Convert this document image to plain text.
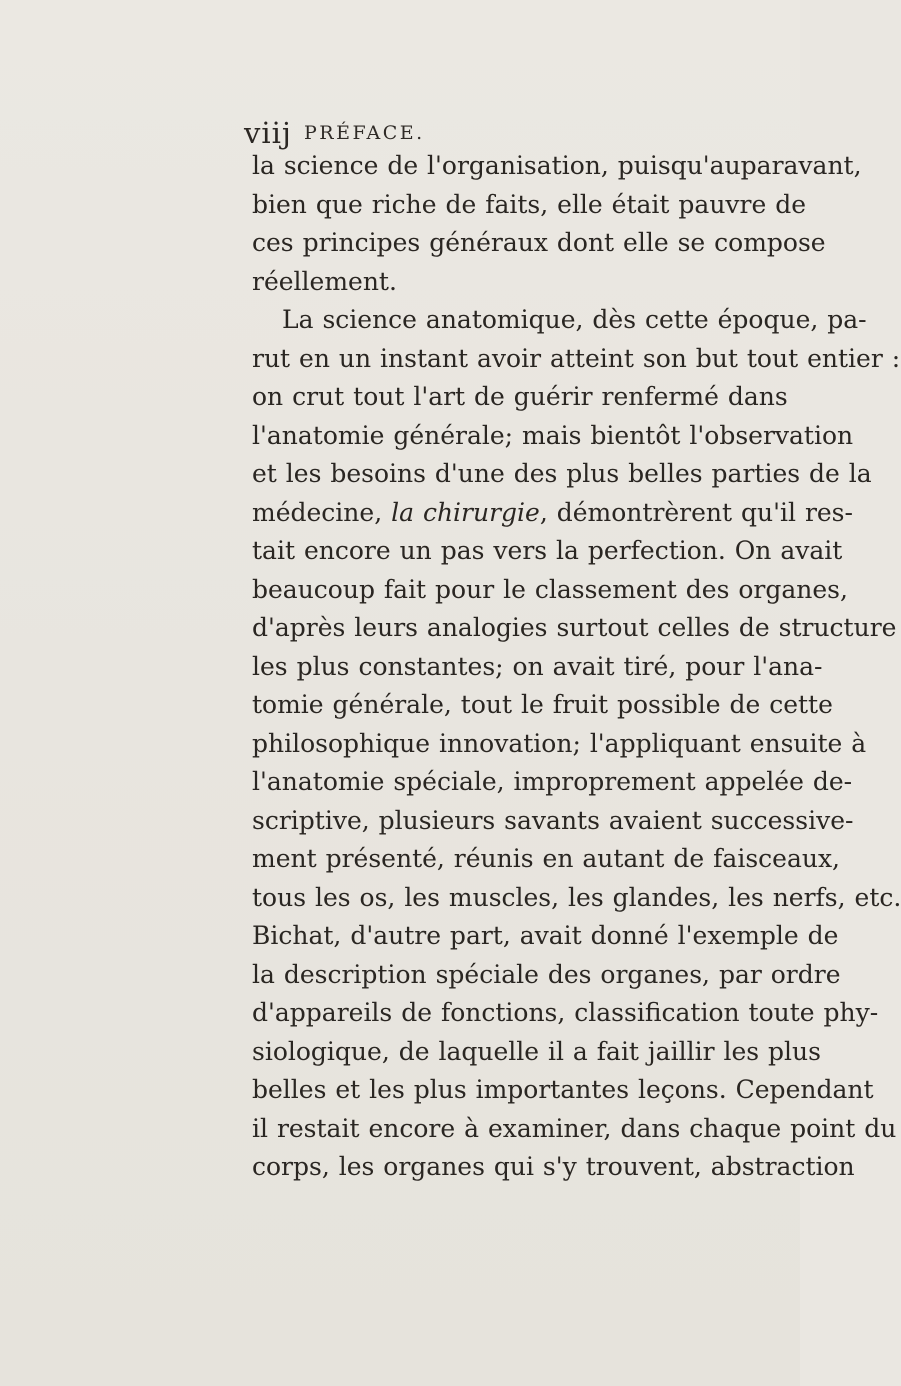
viij PRÉFACE.
la science de l'organisation, puisqu'auparavant,
bien que riche de faits, elle était pauvre de
ces principes généraux dont elle se compose
réellement.
La science anatomique, dès cette époque, pa-
rut en un instant avoir atteint son but tout entier :
on crut tout l'art de guérir renfermé dans
l'anatomie générale; mais bientôt l'observation
et les besoins d'une des plus belles parties de la
médecine, la chirurgie, démontrèrent qu'il res-
tait encore un pas vers la perfection. On avait
beaucoup fait pour le classement des organes,
d'après leurs analogies surtout celles de structure
les plus constantes; on avait tiré, pour l'ana-
tomie générale, tout le fruit possible de cette
philosophique innovation; l'appliquant ensuite à
l'anatomie spéciale, improprement appelée de-
scriptive, plusieurs savants avaient successive-
ment présenté, réunis en autant de faisceaux,
tous les os, les muscles, les glandes, les nerfs, etc.
Bichat, d'autre part, avait donné l'exemple de
la description spéciale des organes, par ordre
d'appareils de fonctions, classification toute phy-
siologique, de laquelle il a fait jaillir les plus
belles et les plus importantes leçons. Cependant
il restait encore à examiner, dans chaque point du
corps, les organes qui s'y trouvent, abstraction
